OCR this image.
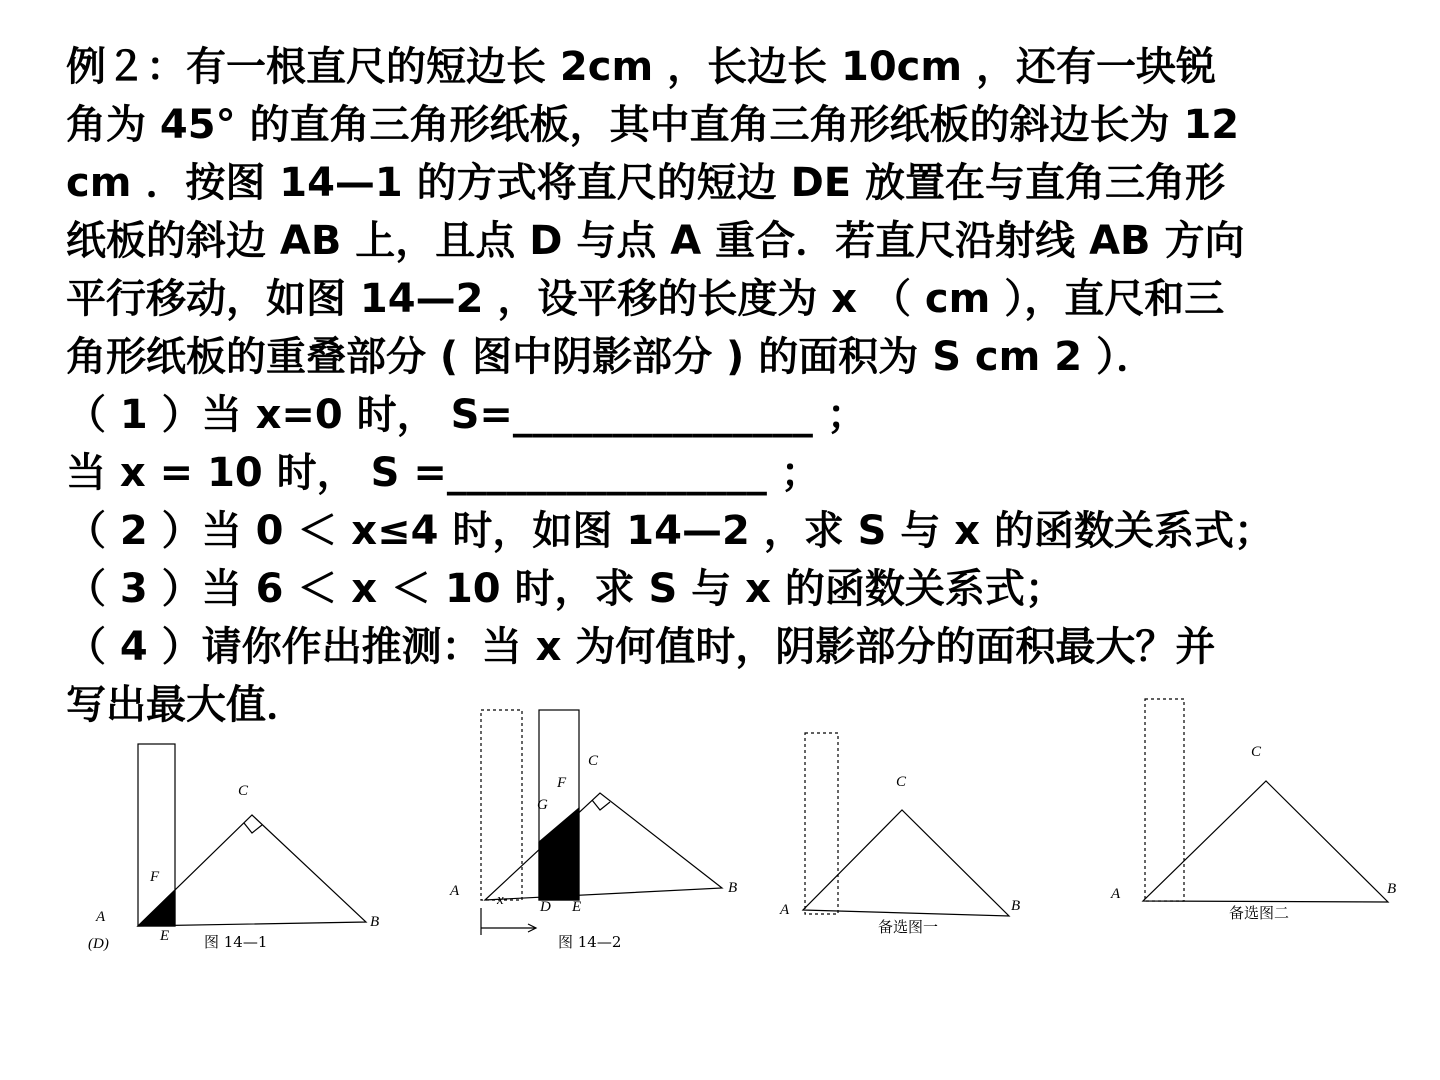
例２：有一根直尺的短边长 2cm ，长边长 10cm ，还有一块锐
角为 45° 的直角三角形纸板，其中直角三角形纸板的斜边长为 12
cm ．按图 14—1 的方式将直尺的短边 DE 放置在与直角三角形
纸板的斜边 AB 上，且点 D 与点 A 重合．若直尺沿射线 AB 方向
平行移动，如图 14—2 ，设平移的长度为 x （ cm ），直尺和三
角形纸板的重叠部分 ( 图中阴影部分 ) 的面积为 S cm 2 ）．
（ 1 ）当 x=0 时， S=_______________ ；
当 x = 10 时， S =________________ ；
（ 2 ）当 0 ＜ x≤4 时，如图 14—2 ，求 S 与 x 的函数关系式；
（ 3 ）当 6 ＜ x ＜ 10 时，求 S 与 x 的函数关系式；
（ 4 ）请你作出推测：当 x 为何值时，阴影部分的面积最大？并
写出最大值．
A
(D)	E
F
C
B
图 14—1
A
x D E
G
F
C
B
图 14—2
A
C
B
备选图一
A
C
B
备选图二
